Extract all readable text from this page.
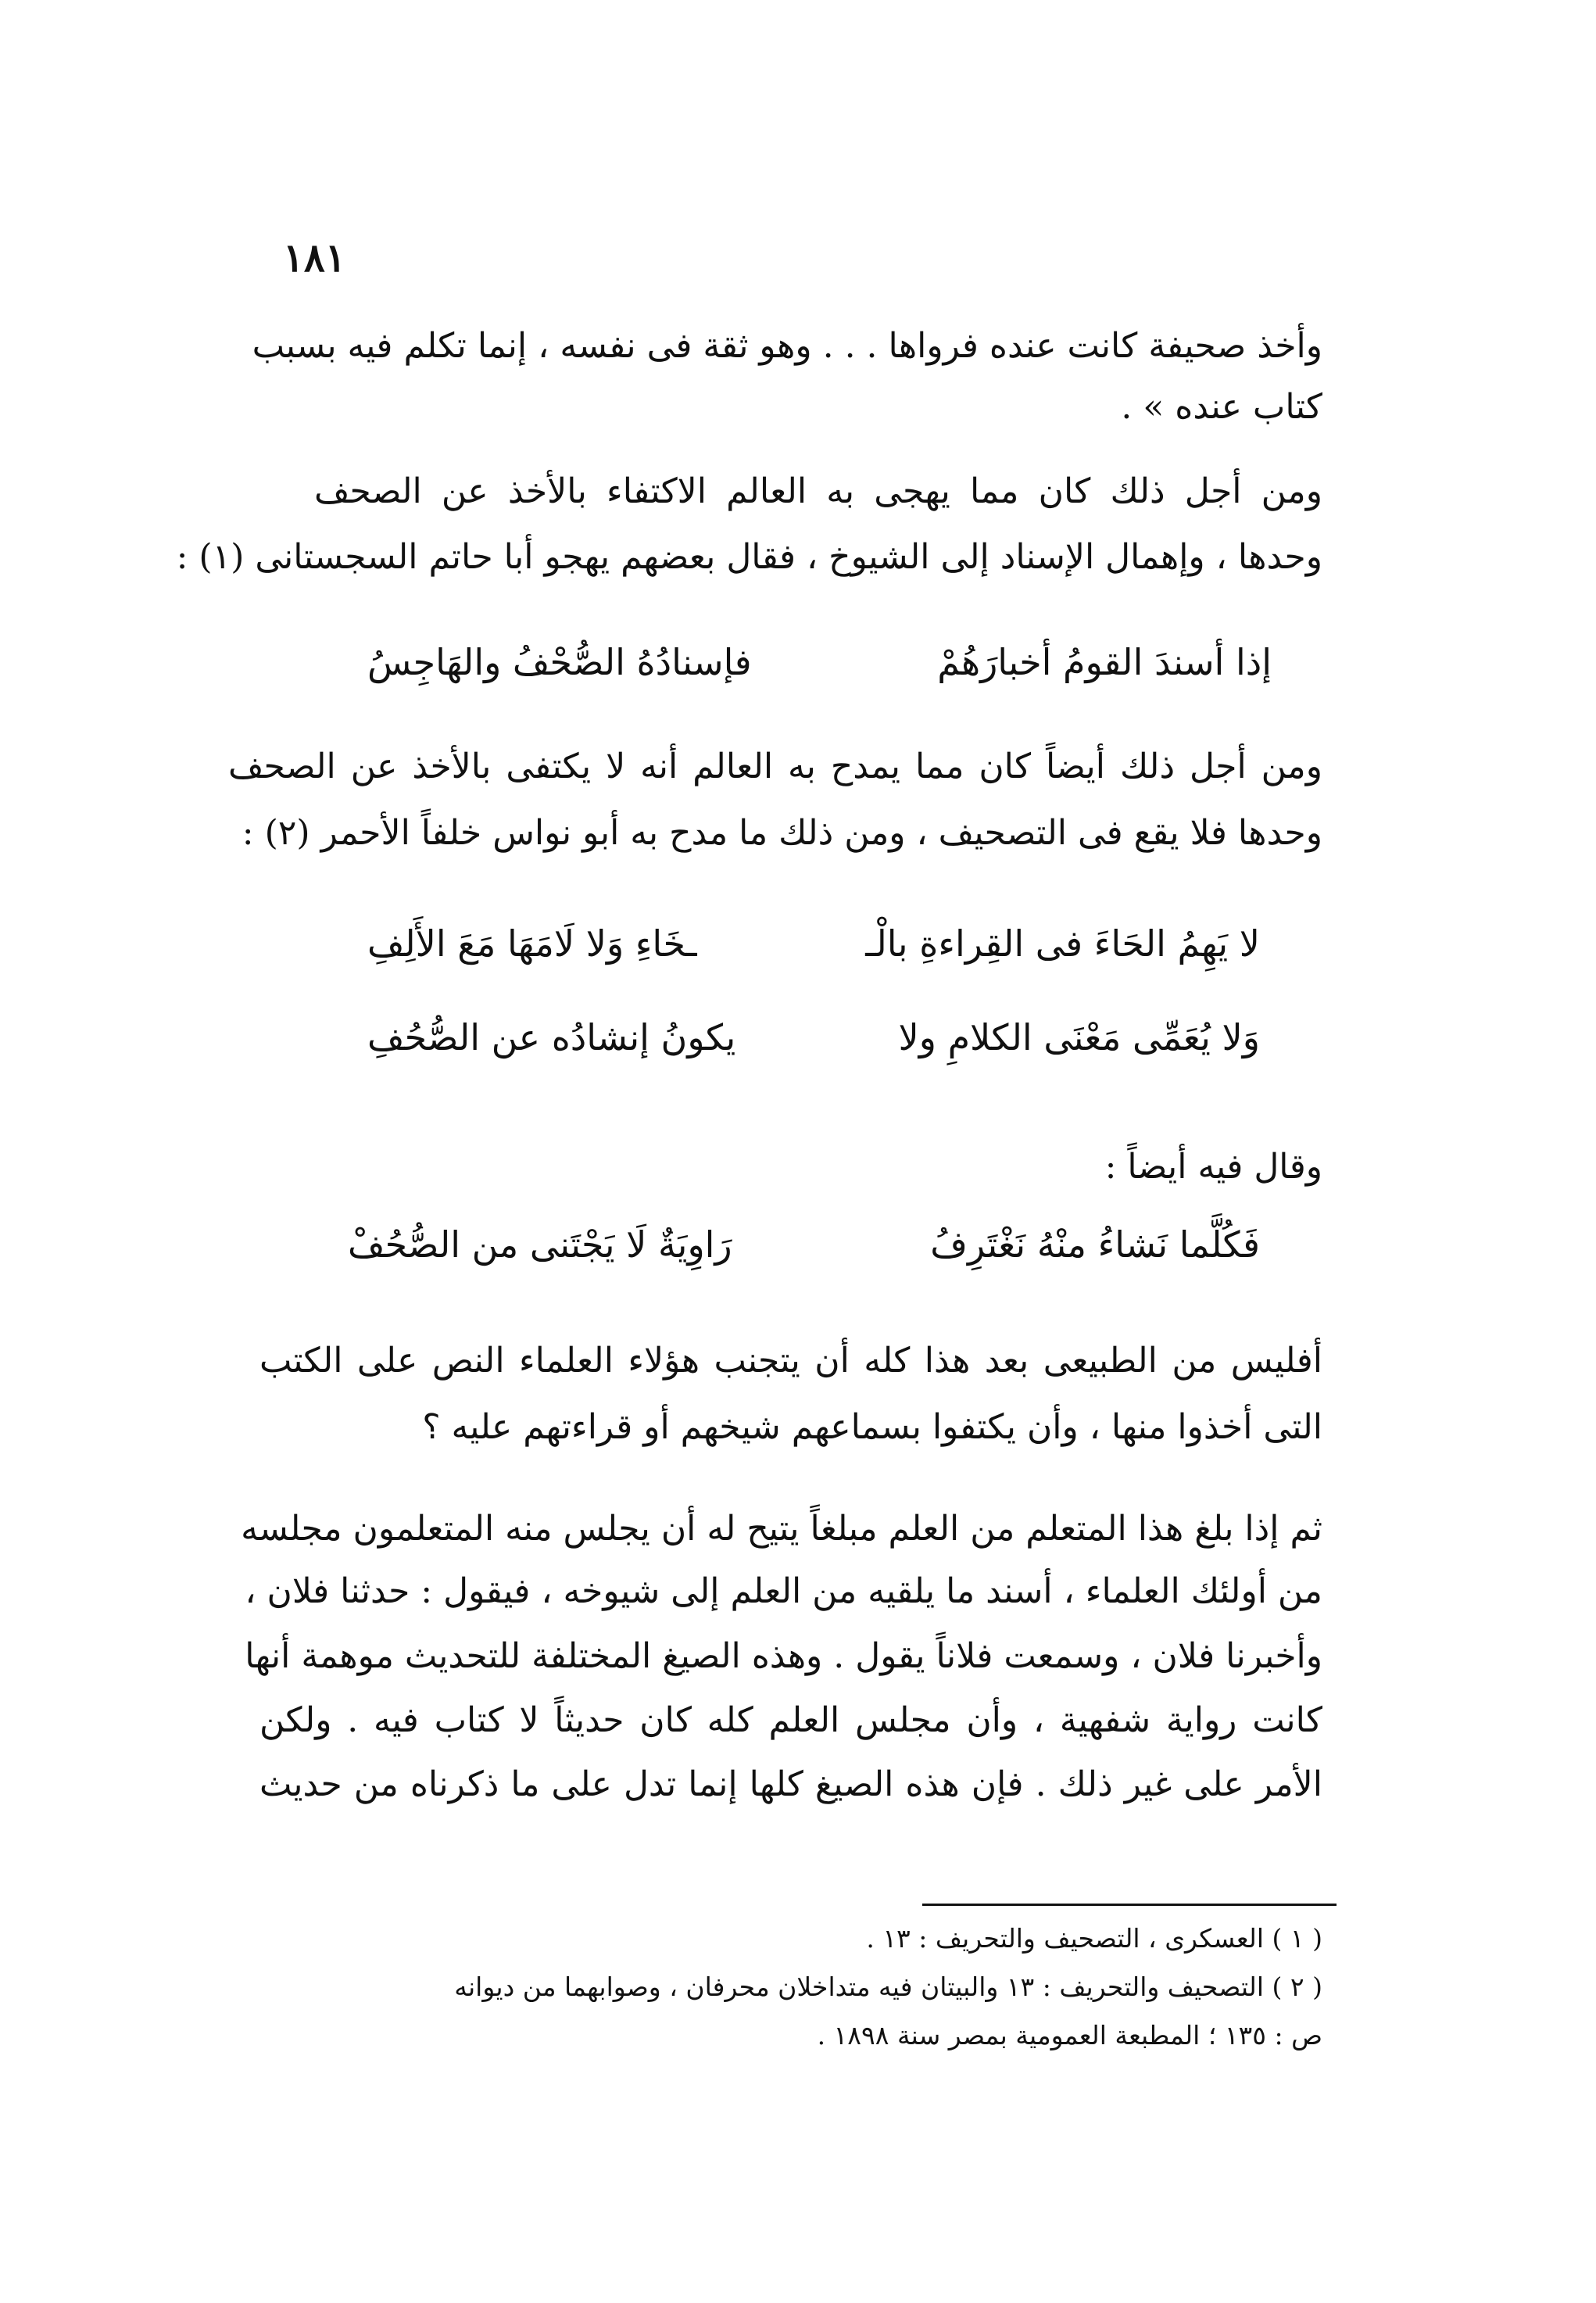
١٨١
وأخذ صحيفة كانت عنده فرواها . . . وهو ثقة فى نفسه ، إنما تكلم فيه بسبب
كتاب عنده » .
ومن أجل ذلك كان مما يهجى به العالم الاكتفاء بالأخذ عن الصحف
وحدها ، وإهمال الإسناد إلى الشيوخ ، فقال بعضهم يهجو أبا حاتم السجستانى (١) :
إذا أسندَ القومُ أخبارَهُمْ
فإسنادُهُ الصُّحْفُ والهَاجِسُ
ومن أجل ذلك أيضاً كان مما يمدح به العالم أنه لا يكتفى بالأخذ عن الصحف
وحدها فلا يقع فى التصحيف ، ومن ذلك ما مدح به أبو نواس خلفاً الأحمر (٢) :
لا يَهِمُ الحَاءَ فى القِراءةِ بالْـ
ـخَاءِ وَلا لَامَهَا مَعَ الأَلِفِ
وَلا يُعَمِّى مَعْنَى الكلامِ ولا
يكونُ إنشادُه عن الصُّحُفِ
وقال فيه أيضاً :
فَكُلَّما نَشاءُ منْهُ نَغْتَرِفُ
رَاوِيَةٌ لَا يَجْتَنى من الصُّحُفْ
أفليس من الطبيعى بعد هذا كله أن يتجنب هؤلاء العلماء النص على الكتب
التى أخذوا منها ، وأن يكتفوا بسماعهم شيخهم أو قراءتهم عليه ؟
ثم إذا بلغ هذا المتعلم من العلم مبلغاً يتيح له أن يجلس منه المتعلمون مجلسه
من أولئك العلماء ، أسند ما يلقيه من العلم إلى شيوخه ، فيقول : حدثنا فلان ،
وأخبرنا فلان ، وسمعت فلاناً يقول . وهذه الصيغ المختلفة للتحديث موهمة أنها
كانت رواية شفهية ، وأن مجلس العلم كله كان حديثاً لا كتاب فيه . ولكن
الأمر على غير ذلك . فإن هذه الصيغ كلها إنما تدل على ما ذكرناه من حديث
( ١ ) العسكرى ، التصحيف والتحريف : ١٣ .
( ٢ ) التصحيف والتحريف : ١٣ والبيتان فيه متداخلان محرفان ، وصوابهما من ديوانه
ص : ١٣٥ ؛ المطبعة العمومية بمصر سنة ١٨٩٨ .
